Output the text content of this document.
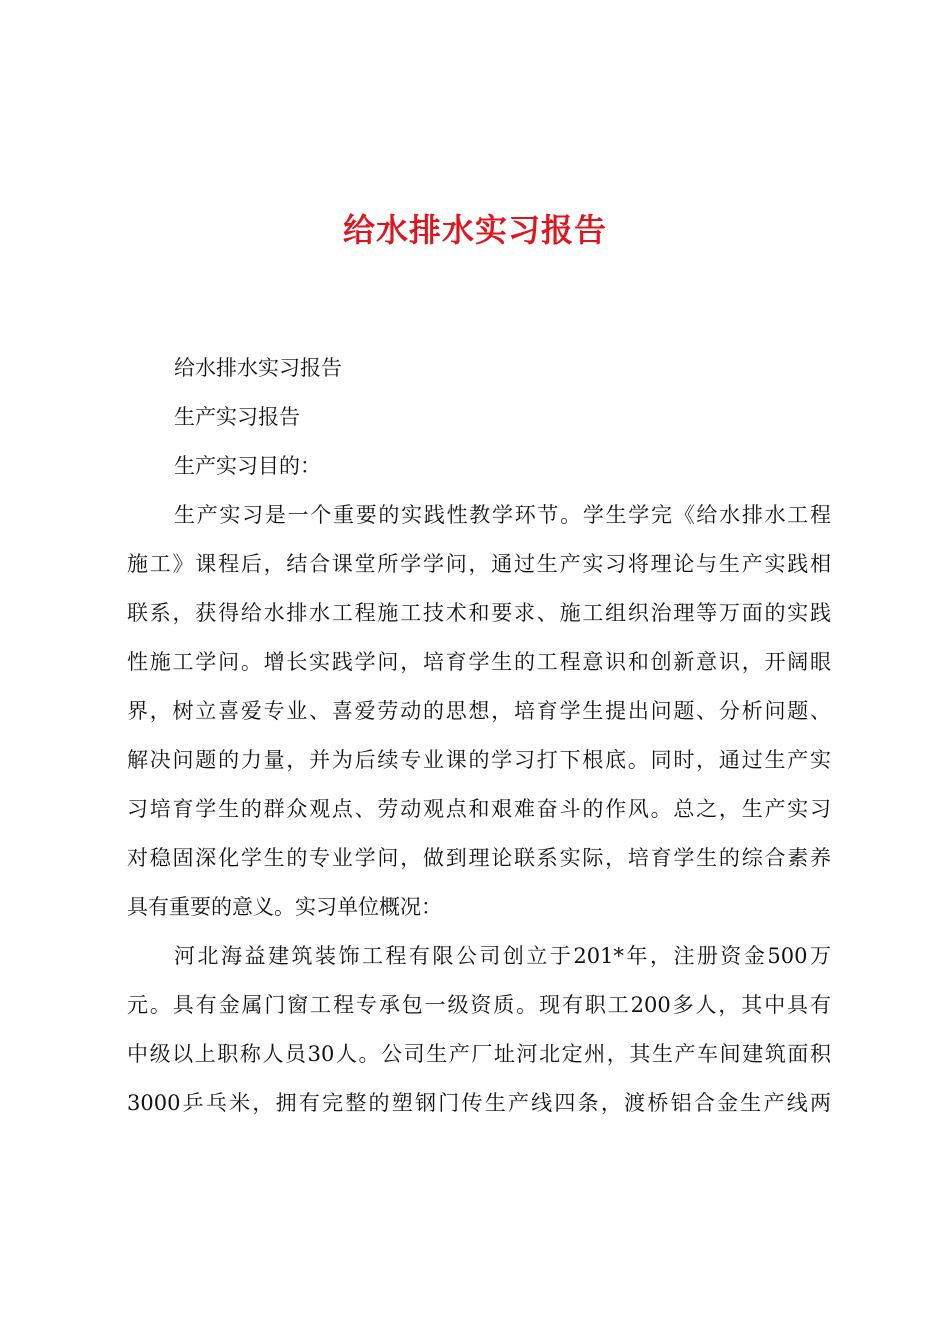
给水排水实习报告
给水排水实习报告
生产实习报告
生产实习目的：
生产实习是一个重要的实践性教学环节。学生学完《给水排水工程
施工》课程后，结合课堂所学学问，通过生产实习将理论与生产实践相
联系，获得给水排水工程施工技术和要求、施工组织治理等万面的实践
性施工学问。增长实践学问，培育学生的工程意识和创新意识，开阔眼
界，树立喜爱专业、喜爱劳动的思想，培育学生提出问题、分析问题、
解决问题的力量，并为后续专业课的学习打下根底。同时，通过生产实
习培育学生的群众观点、劳动观点和艰难奋斗的作风。总之，生产实习
对稳固深化学生的专业学问，做到理论联系实际，培育学生的综合素养
具有重要的意义。实习单位概况：
河北海益建筑装饰工程有限公司创立于201*年，注册资金500万
元。具有金属门窗工程专承包一级资质。现有职工200多人，其中具有
中级以上职称人员30人。公司生产厂址河北定州，其生产车间建筑面积
3000乒乓米，拥有完整的塑钢门传生产线四条，渡桥铝合金生产线两
